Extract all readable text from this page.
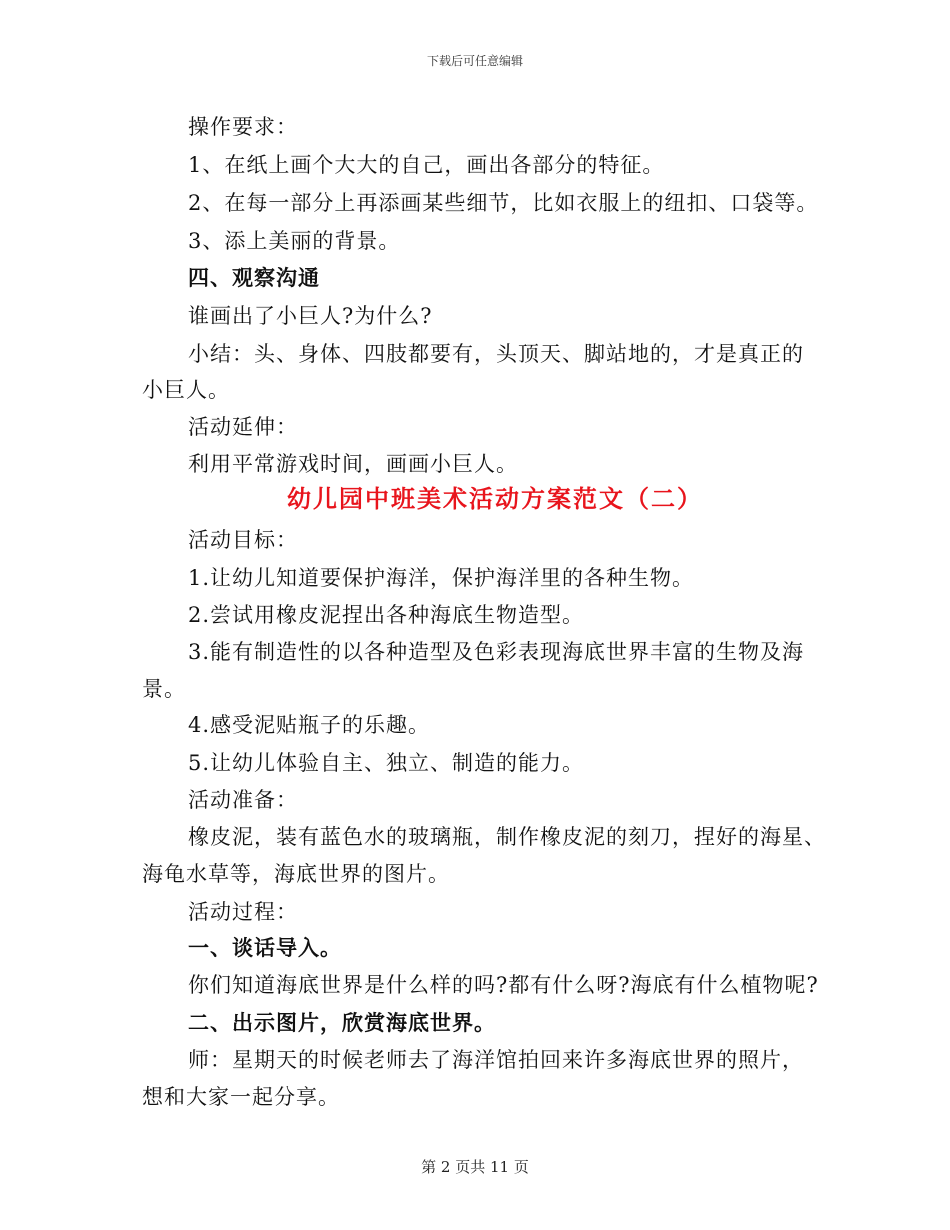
下载后可任意编辑
操作要求：
1、在纸上画个大大的自己，画出各部分的特征。
2、在每一部分上再添画某些细节，比如衣服上的纽扣、口袋等。
3、添上美丽的背景。
四、观察沟通
谁画出了小巨人?为什么?
小结：头、身体、四肢都要有，头顶天、脚站地的，才是真正的
小巨人。
活动延伸：
利用平常游戏时间，画画小巨人。
幼儿园中班美术活动方案范文（二）
活动目标：
1.让幼儿知道要保护海洋，保护海洋里的各种生物。
2.尝试用橡皮泥捏出各种海底生物造型。
3.能有制造性的以各种造型及色彩表现海底世界丰富的生物及海
景。
4.感受泥贴瓶子的乐趣。
5.让幼儿体验自主、独立、制造的能力。
活动准备：
橡皮泥，装有蓝色水的玻璃瓶，制作橡皮泥的刻刀，捏好的海星、
海龟水草等，海底世界的图片。
活动过程：
一、谈话导入。
你们知道海底世界是什么样的吗?都有什么呀?海底有什么植物呢?
二、出示图片，欣赏海底世界。
师：星期天的时候老师去了海洋馆拍回来许多海底世界的照片，
想和大家一起分享。
第 2 页共 11 页
